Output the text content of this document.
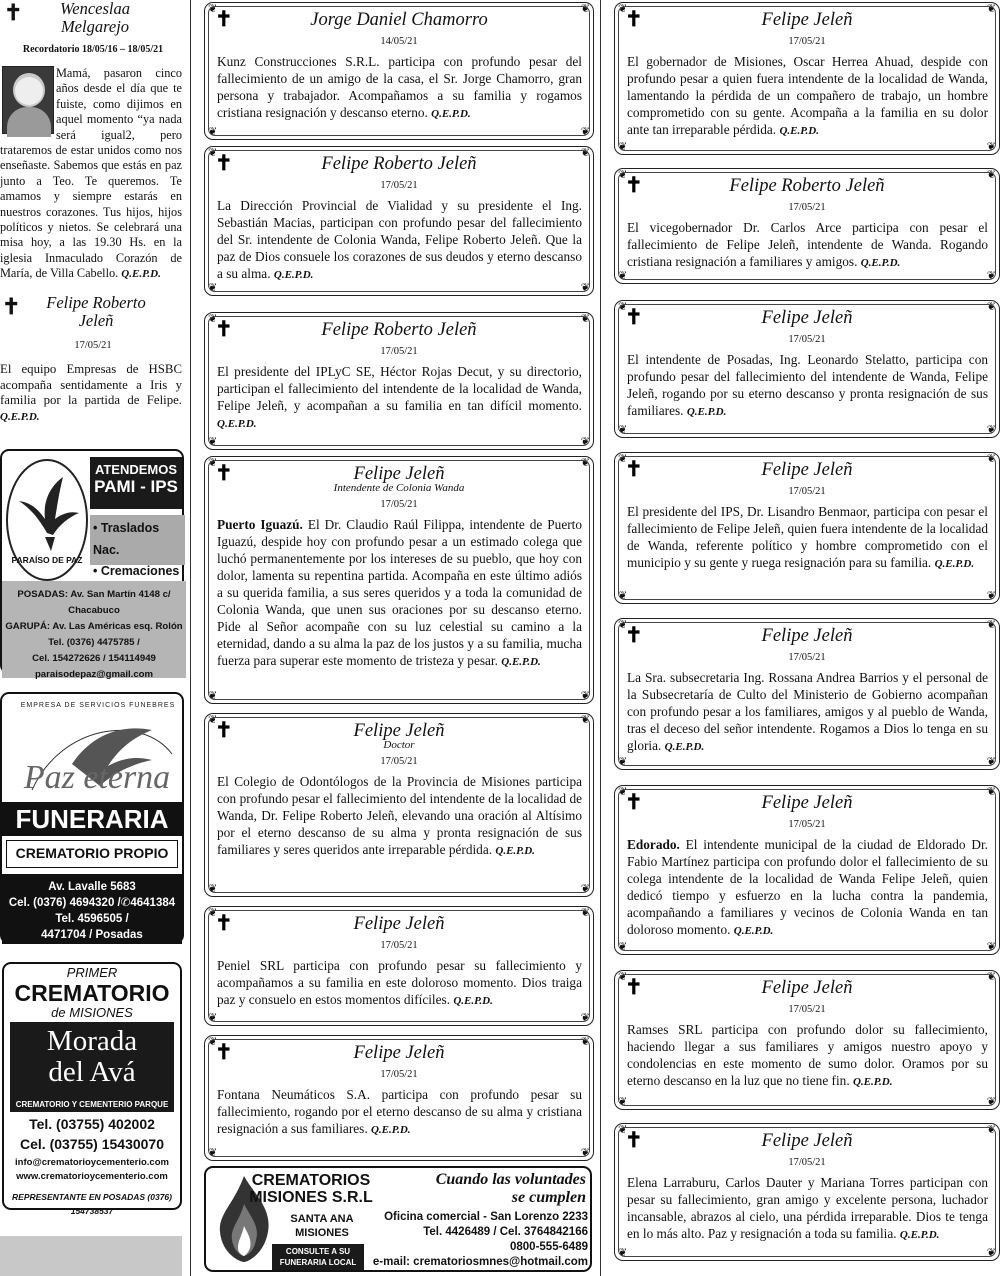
✝	Wenceslaa Melgarejo
Recordatorio 18/05/16 – 18/05/21
Mamá, pasaron cinco años desde el día que te fuiste, como dijimos en aquel momento “ya nada será igual2, pero trataremos de estar unidos como nos enseñaste. Sabemos que estás en paz junto a Teo. Te queremos. Te amamos y siempre estarás en nuestros corazones. Tus hijos, hijos políticos y nietos. Se celebrará una misa hoy, a las 19.30 Hs. en la iglesia Inmaculado Corazón de María, de Villa Cabello. Q.E.P.D.
✝	Felipe Roberto Jeleñ
17/05/21
El equipo Empresas de HSBC acompaña sentidamente a Iris y familia por la partida de Felipe. Q.E.P.D.
PARAÍSO DE PAZ
ATENDEMOS
PAMI - IPS
• Traslados Nac.
• Cremaciones
POSADAS: Av. San Martín 4148 c/ Chacabuco
GARUPÁ: Av. Las Américas esq. Rolón
Tel. (0376) 4475785 /
Cel. 154272626 / 154114949
paraisodepaz@gmail.com
EMPRESA DE SERVICIOS FUNEBRES
Paz eterna
FUNERARIA
CREMATORIO PROPIO
Av. Lavalle 5683
Cel. (0376) 4694320 /✆4641384
Tel. 4596505 /
4471704 / Posadas
PRIMER
CREMATORIO
de MISIONES
Morada
del Avá
CREMATORIO Y CEMENTERIO PARQUE
Tel. (03755) 402002
Cel. (03755) 15430070
info@crematorioycementerio.com
www.crematorioycementerio.com
REPRESENTANTE EN POSADAS (0376) 154738537
❦	❦
❦	❦
✝	Jorge Daniel Chamorro
14/05/21
Kunz Construcciones S.R.L. participa con profundo pesar del fallecimiento de un amigo de la casa, el Sr. Jorge Chamorro, gran persona y trabajador. Acompañamos a su familia y rogamos cristiana resignación y descanso eterno. Q.E.P.D.
❦	❦
❦	❦
✝	Felipe Roberto Jeleñ
17/05/21
La Dirección Provincial de Vialidad y su presidente el Ing. Sebastián Macias, participan con profundo pesar del fallecimiento del Sr. intendente de Colonia Wanda, Felipe Roberto Jeleñ. Que la paz de Dios consuele los corazones de sus deudos y eterno descanso a su alma. Q.E.P.D.
❦	❦
❦	❦
✝	Felipe Roberto Jeleñ
17/05/21
El presidente del IPLyC SE, Héctor Rojas Decut, y su directorio, participan el fallecimiento del intendente de la localidad de Wanda, Felipe Jeleñ, y acompañan a su familia en tan difícil momento. Q.E.P.D.
❦	❦
❦	❦
✝	Felipe Jeleñ
Intendente de Colonia Wanda
17/05/21
Puerto Iguazú. El Dr. Claudio Raúl Filippa, intendente de Puerto Iguazú, despide hoy con profundo pesar a un estimado colega que luchó permanentemente por los intereses de su pueblo, que hoy con dolor, lamenta su repentina partida. Acompaña en este último adiós a su querida familia, a sus seres queridos y a toda la comunidad de Colonia Wanda, que unen sus oraciones por su descanso eterno. Pide al Señor acompañe con su luz celestial su camino a la eternidad, dando a su alma la paz de los justos y a su familia, mucha fuerza para superar este momento de tristeza y pesar. Q.E.P.D.
❦	❦
❦	❦
✝	Felipe Jeleñ
Doctor
17/05/21
El Colegio de Odontólogos de la Provincia de Misiones participa con profundo pesar el fallecimiento del intendente de la localidad de Wanda, Dr. Felipe Roberto Jeleñ, elevando una oración al Altísimo por el eterno descanso de su alma y pronta resignación de sus familiares y seres queridos ante irreparable pérdida. Q.E.P.D.
❦	❦
❦	❦
✝	Felipe Jeleñ
17/05/21
Peniel SRL participa con profundo pesar su fallecimiento y acompañamos a su familia en este doloroso momento. Dios traiga paz y consuelo en estos momentos difíciles. Q.E.P.D.
❦	❦
❦	❦
✝	Felipe Jeleñ
17/05/21
Fontana Neumáticos S.A. participa con profundo pesar su fallecimiento, rogando por el eterno descanso de su alma y cristiana resignación a sus familiares. Q.E.P.D.
CREMATORIOS
MISIONES S.R.L
SANTA ANA
MISIONES
CONSULTE A SU FUNERARIA LOCAL
Cuando las voluntades
se cumplen
Oficina comercial - San Lorenzo 2233
Tel. 4426489 / Cel. 3764842166
0800-555-6489
e-mail: crematoriosmnes@hotmail.com
❦	❦
❦	❦
✝	Felipe Jeleñ
17/05/21
El gobernador de Misiones, Oscar Herrea Ahuad, despide con profundo pesar a quien fuera intendente de la localidad de Wanda, lamentando la pérdida de un compañero de trabajo, un hombre comprometido con su gente. Acompaña a la familia en su dolor ante tan irreparable pérdida. Q.E.P.D.
❦	❦
❦	❦
✝	Felipe Roberto Jeleñ
17/05/21
El vicegobernador Dr. Carlos Arce participa con pesar el fallecimiento de Felipe Jeleñ, intendente de Wanda. Rogando cristiana resignación a familiares y amigos. Q.E.P.D.
❦	❦
❦	❦
✝	Felipe Jeleñ
17/05/21
El intendente de Posadas, Ing. Leonardo Stelatto, participa con profundo pesar del fallecimiento del intendente de Wanda, Felipe Jeleñ, rogando por su eterno descanso y pronta resignación de sus familiares. Q.E.P.D.
❦	❦
❦	❦
✝	Felipe Jeleñ
17/05/21
El presidente del IPS, Dr. Lisandro Benmaor, participa con pesar el fallecimiento de Felipe Jeleñ, quien fuera intendente de la localidad de Wanda, referente político y hombre comprometido con el municipio y su gente y ruega resignación para su familia. Q.E.P.D.
❦	❦
❦	❦
✝	Felipe Jeleñ
17/05/21
La Sra. subsecretaria Ing. Rossana Andrea Barrios y el personal de la Subsecretaría de Culto del Ministerio de Gobierno acompañan con profundo pesar a los familiares, amigos y al pueblo de Wanda, tras el deceso del señor intendente. Rogamos a Dios lo tenga en su gloria. Q.E.P.D.
❦	❦
❦	❦
✝	Felipe Jeleñ
17/05/21
Edorado. El intendente municipal de la ciudad de Eldorado Dr. Fabio Martínez participa con profundo dolor el fallecimiento de su colega intendente de la localidad de Wanda Felipe Jeleñ, quien dedicó tiempo y esfuerzo en la lucha contra la pandemia, acompañando a familiares y vecinos de Colonia Wanda en tan doloroso momento. Q.E.P.D.
❦	❦
❦	❦
✝	Felipe Jeleñ
17/05/21
Ramses SRL participa con profundo dolor su fallecimiento, haciendo llegar a sus familiares y amigos nuestro apoyo y condolencias en este momento de sumo dolor. Oramos por su eterno descanso en la luz que no tiene fin. Q.E.P.D.
❦	❦
❦	❦
✝	Felipe Jeleñ
17/05/21
Elena Larraburu, Carlos Dauter y Mariana Torres participan con pesar su fallecimiento, gran amigo y excelente persona, luchador incansable, abrazos al cielo, una pérdida irreparable. Dios te tenga en lo más alto. Paz y resignación a toda su familia. Q.E.P.D.
